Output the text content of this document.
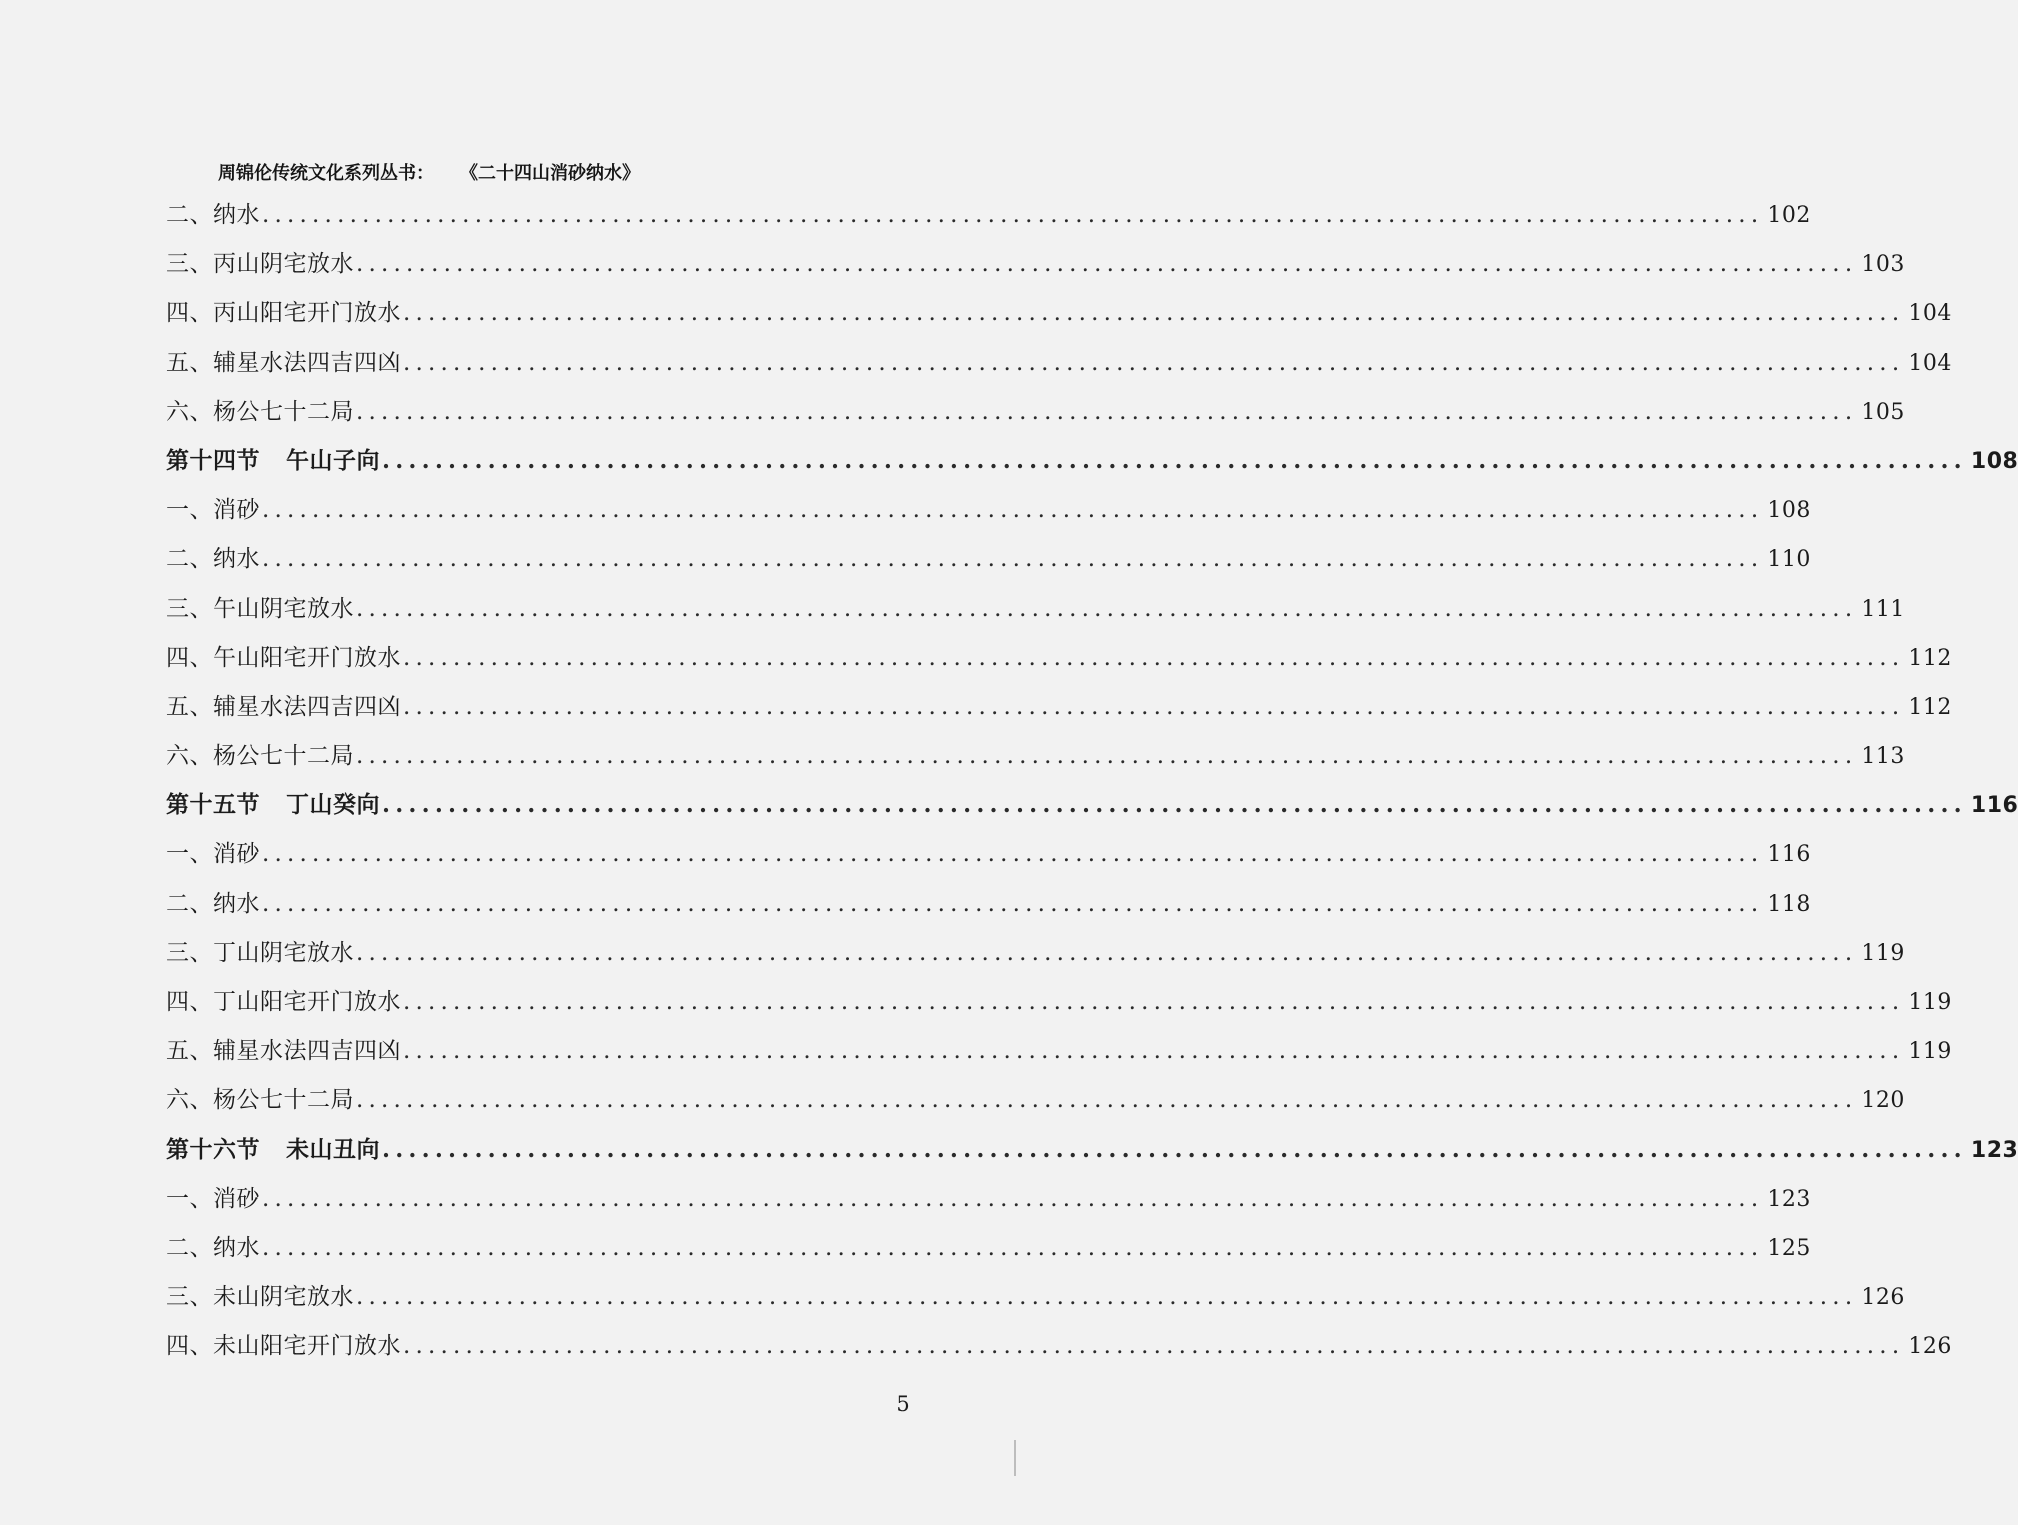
周锦伦传统文化系列丛书： 《二十四山消砂纳水》
二、纳水 ........................................................................................................................ 102
三、丙山阴宅放水 ........................................................................................................................ 103
四、丙山阳宅开门放水 ........................................................................................................................ 104
五、辅星水法四吉四凶 ........................................................................................................................ 104
六、杨公七十二局 ........................................................................................................................ 105
第十四节 午山子向 ........................................................................................................................ 108
一、消砂 ........................................................................................................................ 108
二、纳水 ........................................................................................................................ 110
三、午山阴宅放水 ........................................................................................................................ 111
四、午山阳宅开门放水 ........................................................................................................................ 112
五、辅星水法四吉四凶 ........................................................................................................................ 112
六、杨公七十二局 ........................................................................................................................ 113
第十五节 丁山癸向 ........................................................................................................................ 116
一、消砂 ........................................................................................................................ 116
二、纳水 ........................................................................................................................ 118
三、丁山阴宅放水 ........................................................................................................................ 119
四、丁山阳宅开门放水 ........................................................................................................................ 119
五、辅星水法四吉四凶 ........................................................................................................................ 119
六、杨公七十二局 ........................................................................................................................ 120
第十六节 未山丑向 ........................................................................................................................ 123
一、消砂 ........................................................................................................................ 123
二、纳水 ........................................................................................................................ 125
三、未山阴宅放水 ........................................................................................................................ 126
四、未山阳宅开门放水 ........................................................................................................................ 126
5
